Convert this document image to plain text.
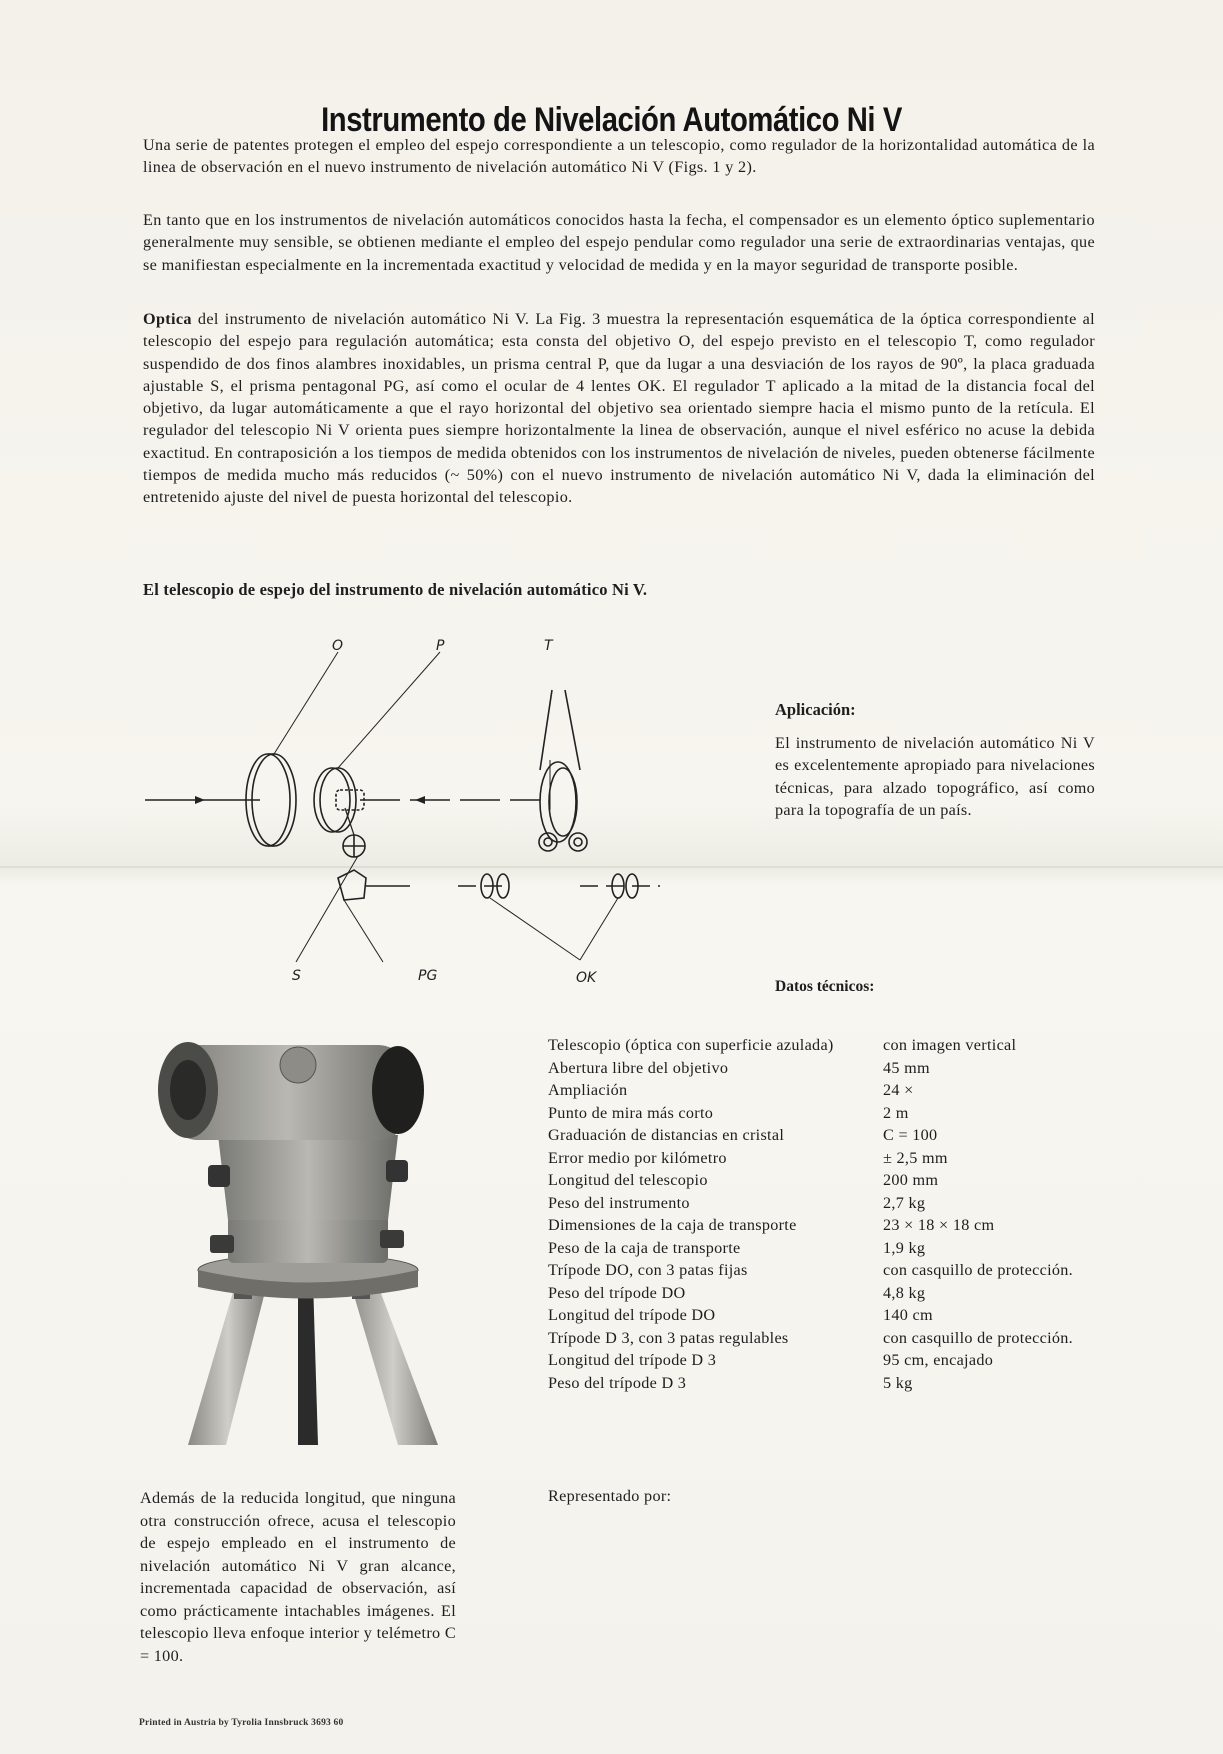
Instrumento de Nivelación Automático Ni V

Una serie de patentes protegen el empleo del espejo correspondiente a un telescopio, como regulador de la horizontalidad automática de la linea de observación en el nuevo instrumento de nivelación automático Ni V (Figs. 1 y 2).

En tanto que en los instrumentos de nivelación automáticos conocidos hasta la fecha, el compensador es un elemento óptico suplementario generalmente muy sensible, se obtienen mediante el empleo del espejo pendular como regulador una serie de extraordinarias ventajas, que se manifiestan especialmente en la incrementada exactitud y velocidad de medida y en la mayor seguridad de transporte posible.

Optica del instrumento de nivelación automático Ni V. La Fig. 3 muestra la representación esquemática de la óptica correspondiente al telescopio del espejo para regulación automática; esta consta del objetivo O, del espejo previsto en el telescopio T, como regulador suspendido de dos finos alambres inoxidables, un prisma central P, que da lugar a una desviación de los rayos de 90º, la placa graduada ajustable S, el prisma pentagonal PG, así como el ocular de 4 lentes OK. El regulador T aplicado a la mitad de la distancia focal del objetivo, da lugar automáticamente a que el rayo horizontal del objetivo sea orientado siempre hacia el mismo punto de la retícula. El regulador del telescopio Ni V orienta pues siempre horizontalmente la linea de observación, aunque el nivel esférico no acuse la debida exactitud. En contraposición a los tiempos de medida obtenidos con los instrumentos de nivelación de niveles, pueden obtenerse fácilmente tiempos de medida mucho más reducidos (~ 50%) con el nuevo instrumento de nivelación automático Ni V, dada la eliminación del entretenido ajuste del nivel de puesta horizontal del telescopio.

El telescopio de espejo del instrumento de nivelación automático Ni V.

O	P	T
S	PG	OK

Aplicación:

El instrumento de nivelación automático Ni V es excelentemente apropiado para nivelaciones técnicas, para alzado topográfico, así como para la topografía de un país.

Datos técnicos:

Telescopio (óptica con superficie azulada)	con imagen vertical
Abertura libre del objetivo	45 mm
Ampliación	24 ×
Punto de mira más corto	2 m
Graduación de distancias en cristal	C = 100
Error medio por kilómetro	± 2,5 mm
Longitud del telescopio	200 mm
Peso del instrumento	2,7 kg
Dimensiones de la caja de transporte	23 × 18 × 18 cm
Peso de la caja de transporte	1,9 kg
Trípode DO, con 3 patas fijas	con casquillo de protección.
Peso del trípode DO	4,8 kg
Longitud del trípode DO	140 cm
Trípode D 3, con 3 patas regulables	con casquillo de protección.
Longitud del trípode D 3	95 cm, encajado
Peso del trípode D 3	5 kg

Además de la reducida longitud, que ninguna otra construcción ofrece, acusa el telescopio de espejo empleado en el instrumento de nivelación automático Ni V gran alcance, incrementada capacidad de observación, así como prácticamente intachables imágenes. El telescopio lleva enfoque interior y telémetro C = 100.

Representado por:

Printed in Austria by Tyrolia Innsbruck 3693 60
